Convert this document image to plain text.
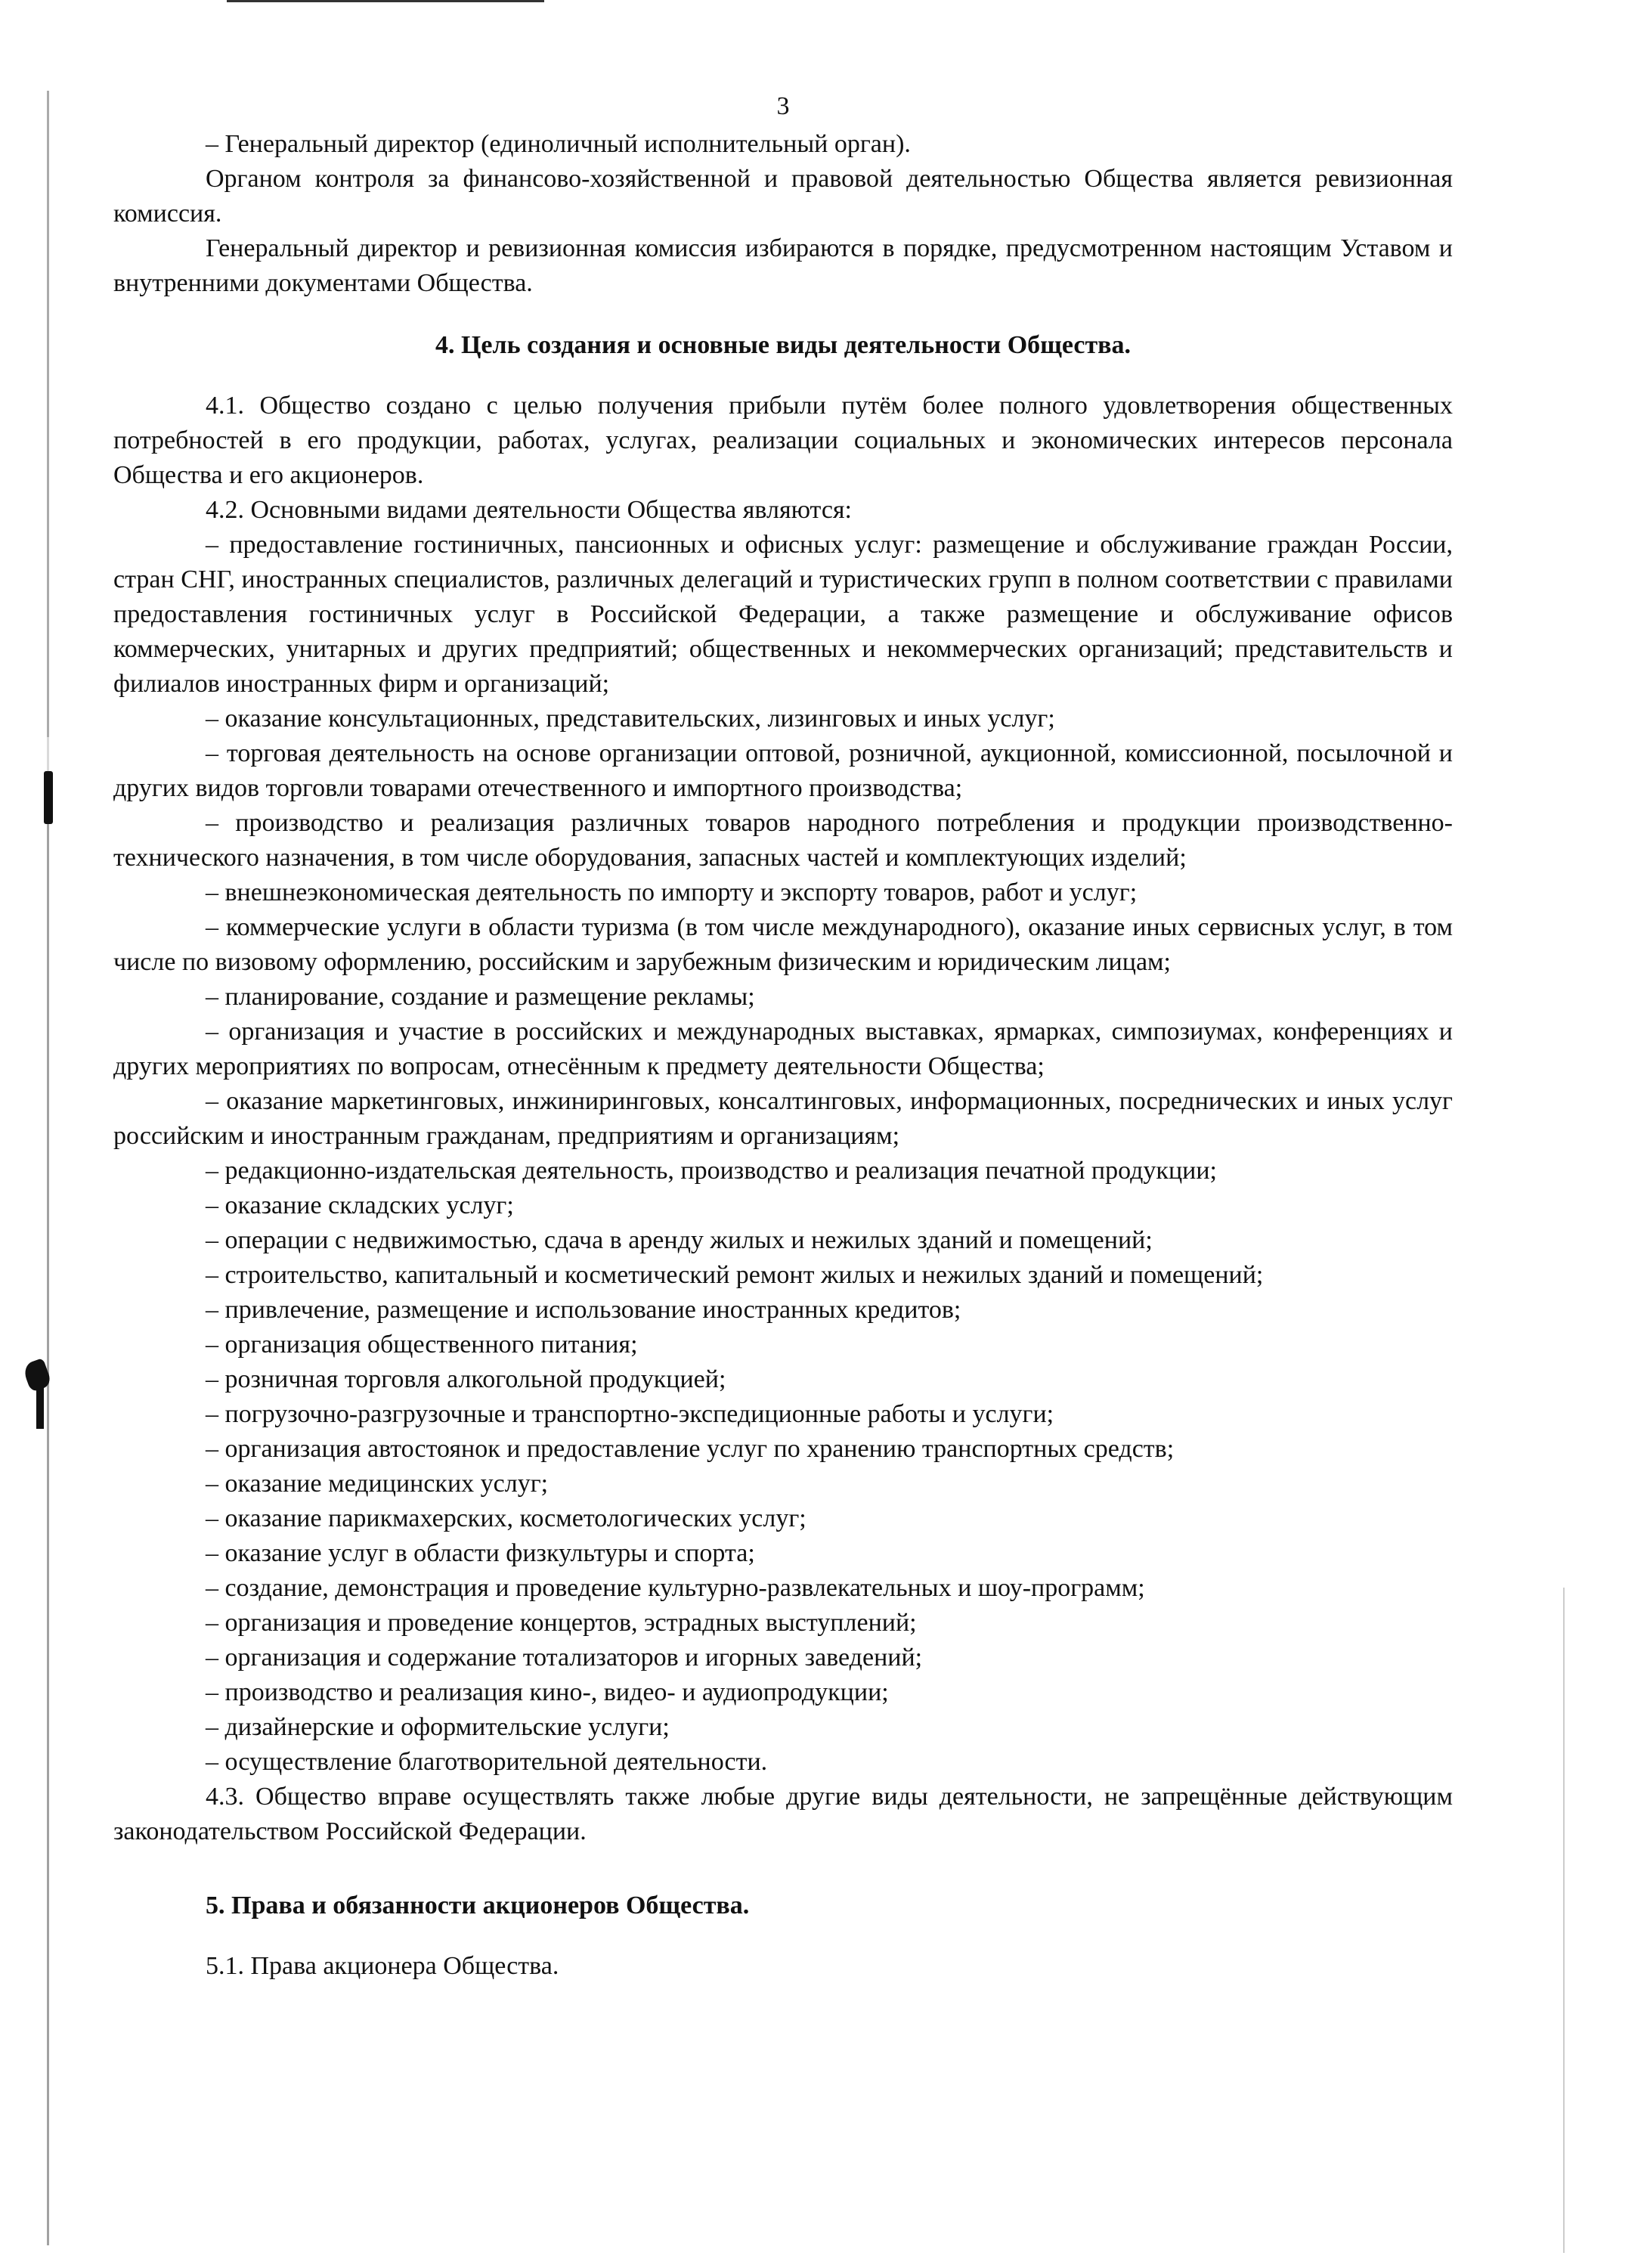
3

– Генеральный директор (единоличный исполнительный орган).

Органом контроля за финансово-хозяйственной и правовой деятельностью Общества является ревизионная комиссия.

Генеральный директор и ревизионная комиссия избираются в порядке, предусмотренном настоящим Уставом и внутренними документами Общества.

4. Цель создания и основные виды деятельности Общества.

4.1. Общество создано с целью получения прибыли путём более полного удовлетворения общественных потребностей в его продукции, работах, услугах, реализации социальных и экономических интересов персонала Общества и его акционеров.

4.2. Основными видами деятельности Общества являются:

– предоставление гостиничных, пансионных и офисных услуг: размещение и обслуживание граждан России, стран СНГ, иностранных специалистов, различных делегаций и туристических групп в полном соответствии с правилами предоставления гостиничных услуг в Российской Федерации, а также размещение и обслуживание офисов коммерческих, унитарных и других предприятий; общественных и некоммерческих организаций; представительств и филиалов иностранных фирм и организаций;

– оказание консультационных, представительских, лизинговых и иных услуг;

– торговая деятельность на основе организации оптовой, розничной, аукционной, комиссионной, посылочной и других видов торговли товарами отечественного и импортного производства;

– производство и реализация различных товаров народного потребления и продукции производственно-технического назначения, в том числе оборудования, запасных частей и комплектующих изделий;

– внешнеэкономическая деятельность по импорту и экспорту товаров, работ и услуг;

– коммерческие услуги в области туризма (в том числе международного), оказание иных сервисных услуг, в том числе по визовому оформлению, российским и зарубежным физическим и юридическим лицам;

– планирование, создание и размещение рекламы;

– организация и участие в российских и международных выставках, ярмарках, симпозиумах, конференциях и других мероприятиях по вопросам, отнесённым к предмету деятельности Общества;

– оказание маркетинговых, инжиниринговых, консалтинговых, информационных, посреднических и иных услуг российским и иностранным гражданам, предприятиям и организациям;

– редакционно-издательская деятельность, производство и реализация печатной продукции;

– оказание складских услуг;

– операции с недвижимостью, сдача в аренду жилых и нежилых зданий и помещений;

– строительство, капитальный и косметический ремонт жилых и нежилых зданий и помещений;

– привлечение, размещение и использование иностранных кредитов;

– организация общественного питания;

– розничная торговля алкогольной продукцией;

– погрузочно-разгрузочные и транспортно-экспедиционные работы и услуги;

– организация автостоянок и предоставление услуг по хранению транспортных средств;

– оказание медицинских услуг;

– оказание парикмахерских, косметологических услуг;

– оказание услуг в области физкультуры и спорта;

– создание, демонстрация и проведение культурно-развлекательных и шоу-программ;

– организация и проведение концертов, эстрадных выступлений;

– организация и содержание тотализаторов и игорных заведений;

– производство и реализация кино-, видео- и аудиопродукции;

– дизайнерские и оформительские услуги;

– осуществление благотворительной деятельности.

4.3. Общество вправе осуществлять также любые другие виды деятельности, не запрещённые действующим законодательством Российской Федерации.

5. Права и обязанности акционеров Общества.

5.1. Права акционера Общества.
